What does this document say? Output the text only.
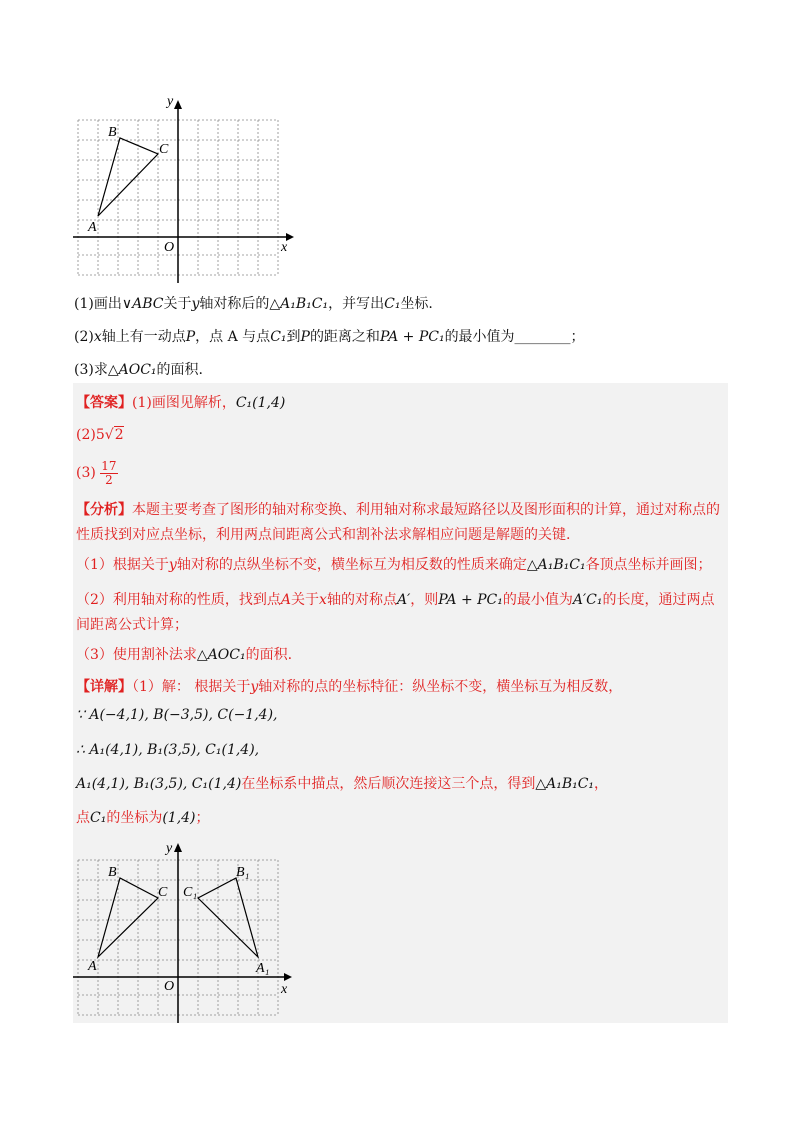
y
x
O
A
B
C
(1)画出∨ABC关于y轴对称后的△A₁B₁C₁，并写出C₁坐标.
(2)x轴上有一动点P，点 A 与点C₁到P的距离之和PA + PC₁的最小值为________；
(3)求△AOC₁的面积.
【答案】(1)画图见解析，C₁(1,4)
(2)5√2
$(3) \frac{17}{2}$
【分析】本题主要考查了图形的轴对称变换、利用轴对称求最短路径以及图形面积的计算，通过对称点的
性质找到对应点坐标，利用两点间距离公式和割补法求解相应问题是解题的关键.
（1）根据关于y轴对称的点纵坐标不变，横坐标互为相反数的性质来确定△A₁B₁C₁各顶点坐标并画图；
（2）利用轴对称的性质，找到点A关于x轴的对称点A′，则PA + PC₁的最小值为A′C₁的长度，通过两点
间距离公式计算；
（3）使用割补法求△AOC₁的面积.
【详解】（1）解： 根据关于y轴对称的点的坐标特征：纵坐标不变，横坐标互为相反数，
∵ A(−4,1), B(−3,5), C(−1,4),
∴ A₁(4,1), B₁(3,5), C₁(1,4),
A₁(4,1), B₁(3,5), C₁(1,4)在坐标系中描点，然后顺次连接这三个点，得到△A₁B₁C₁，
点C₁的坐标为(1,4)；
y
x
O
A
B
C
A₁
B₁
C₁
